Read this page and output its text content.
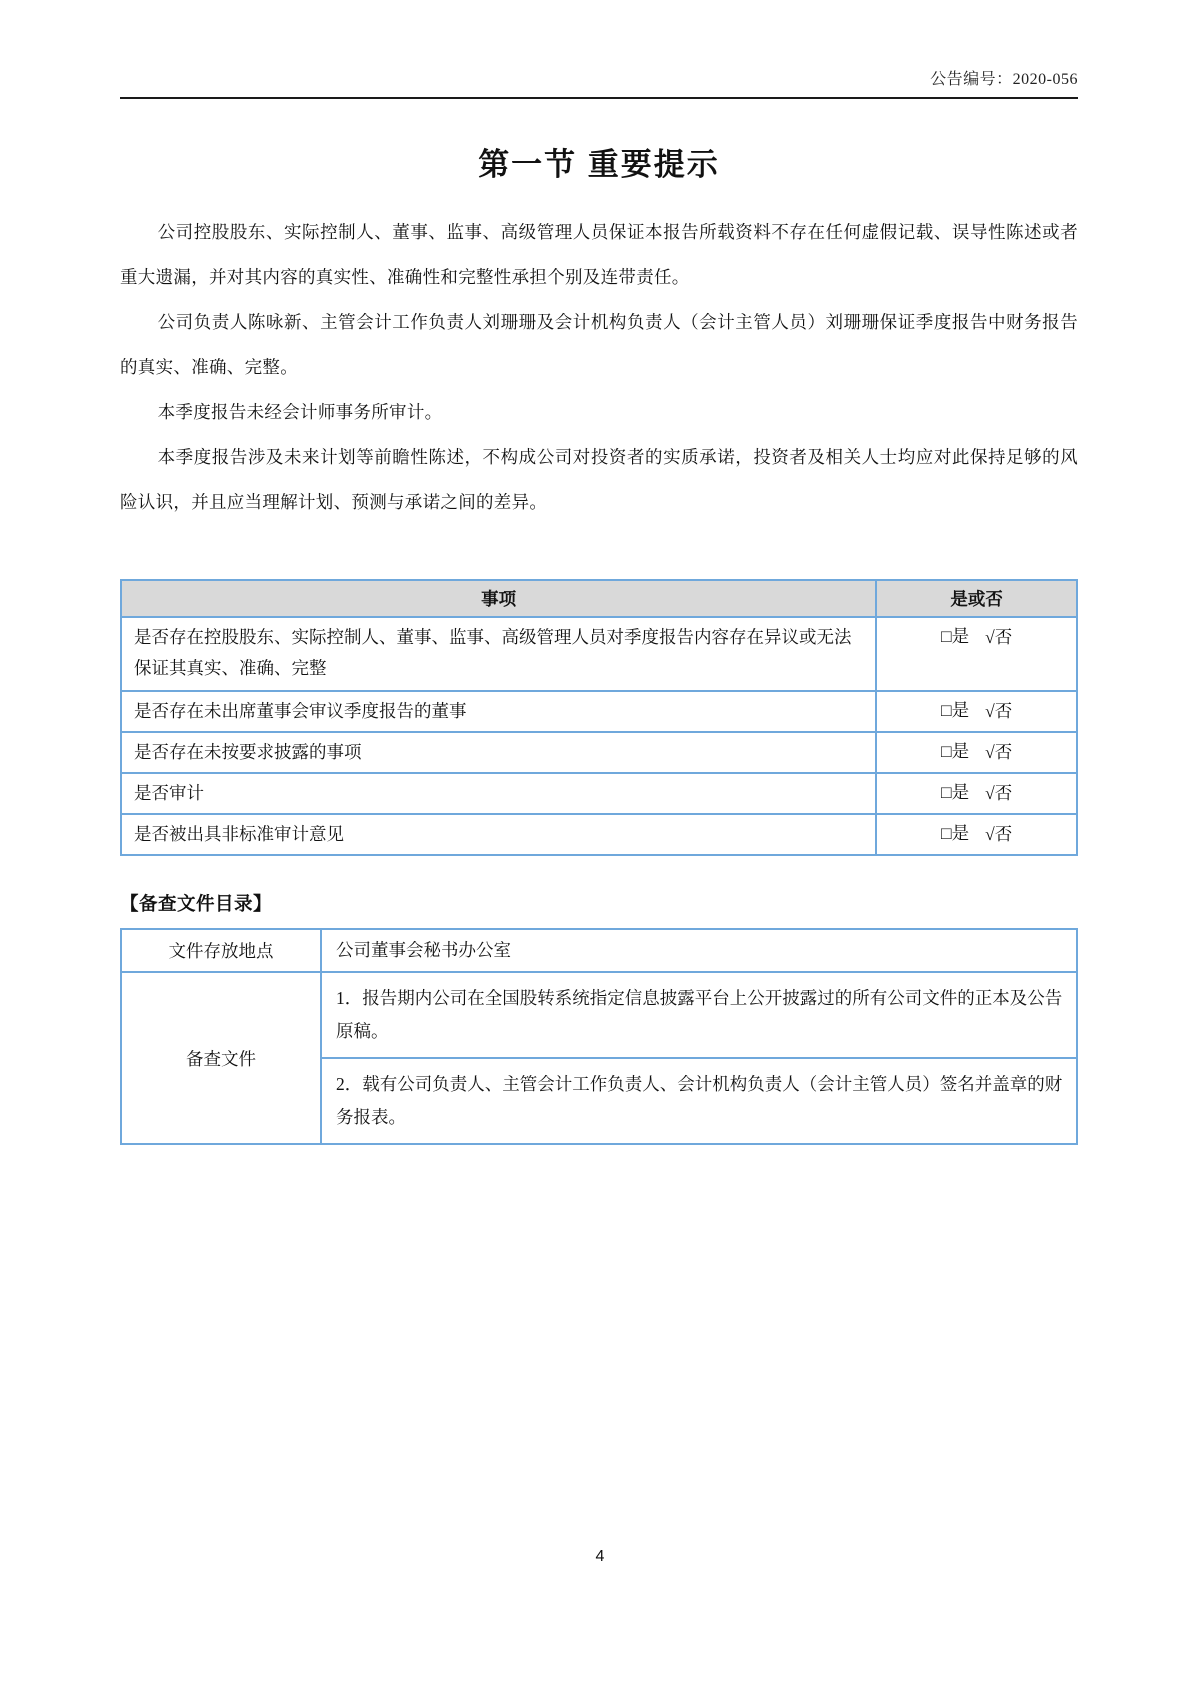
公告编号：2020-056
第一节 重要提示

公司控股股东、实际控制人、董事、监事、高级管理人员保证本报告所载资料不存在任何虚假记载、误导性陈述或者重大遗漏，并对其内容的真实性、准确性和完整性承担个别及连带责任。

公司负责人陈咏新、主管会计工作负责人刘珊珊及会计机构负责人（会计主管人员）刘珊珊保证季度报告中财务报告的真实、准确、完整。

本季度报告未经会计师事务所审计。

本季度报告涉及未来计划等前瞻性陈述，不构成公司对投资者的实质承诺，投资者及相关人士均应对此保持足够的风险认识，并且应当理解计划、预测与承诺之间的差异。

事项	是或否
是否存在控股股东、实际控制人、董事、监事、高级管理人员对季度报告内容存在异议或无法保证其真实、准确、完整	□是 √否
是否存在未出席董事会审议季度报告的董事	□是 √否
是否存在未按要求披露的事项	□是 √否
是否审计	□是 √否
是否被出具非标准审计意见	□是 √否
【备查文件目录】
文件存放地点	公司董事会秘书办公室
备查文件	1．报告期内公司在全国股转系统指定信息披露平台上公开披露过的所有公司文件的正本及公告原稿。
	2．载有公司负责人、主管会计工作负责人、会计机构负责人（会计主管人员）签名并盖章的财务报表。
4
